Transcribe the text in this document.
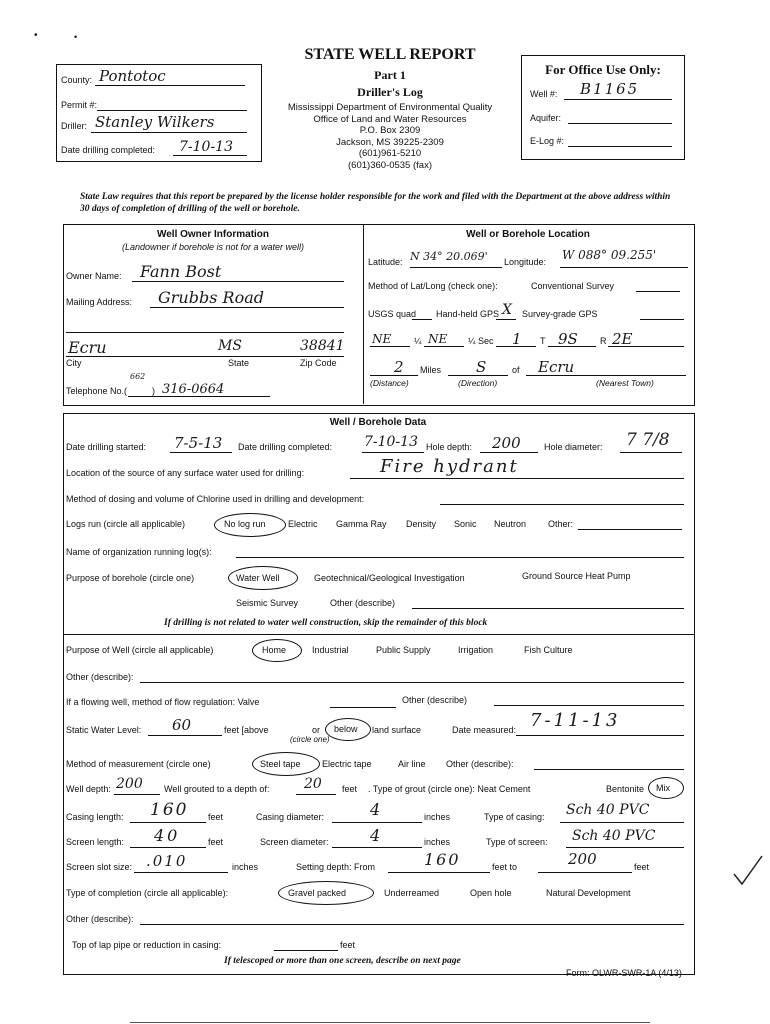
•	•
STATE WELL REPORT
Part 1
Driller's Log
Mississippi Department of Environmental Quality
Office of Land and Water Resources
P.O. Box 2309
Jackson, MS 39225-2309
(601)961-5210
(601)360-0535 (fax)
County: Pontotoc
Permit #:
Driller: Stanley Wilkers
Date drilling completed: 7-10-13
For Office Use Only:
Well #: B1165
Aquifer:
E-Log #:
State Law requires that this report be prepared by the license holder responsible for the work and filed with the Department at the above address within 30 days of completion of drilling of the well or borehole.
Well Owner Information
(Landowner if borehole is not for a water well)
Owner Name: Fann Bost
Mailing Address: Grubbs Road
Ecru	MS	38841
City	State	Zip Code
Telephone No. (
662
) 316-0664
Well or Borehole Location
Latitude: N 34° 20.069' Longitude: W 088° 09.255'
Method of Lat/Long (check one):	Conventional Survey
USGS quad Hand-held GPS X Survey-grade GPS
NE	¼ NE ¼ Sec 1 T 9S R 2E
2 Miles S	of Ecru
(Distance)	(Direction)	(Nearest Town)
Well / Borehole Data
Date drilling started: 7-5-13 Date drilling completed: 7-10-13 Hole depth: 200	Hole diameter: 7 7/8
Location of the source of any surface water used for drilling:	Fire hydrant
Method of dosing and volume of Chlorine used in drilling and development:
Logs run (circle all applicable)	No log run Electric Gamma Ray Density Sonic Neutron Other:
Name of organization running log(s):
Purpose of borehole (circle one)	Water Well	Geotechnical/Geological Investigation	Ground Source Heat Pump
Seismic Survey	Other (describe)
If drilling is not related to water well construction, skip the remainder of this block
Purpose of Well (circle all applicable)	Home	Industrial	Public Supply	Irrigation	Fish Culture
Other (describe):
If a flowing well, method of flow regulation: Valve	Other (describe)
Static Water Level: 60	feet [above	or below land surface
(circle one)
Date measured: 7-11-13
Method of measurement (circle one)	Steel tape Electric tape	Air line Other (describe):
Well depth: 200 Well grouted to a depth of: 20 feet . Type of grout (circle one): Neat Cement	Bentonite Mix
Casing length: 160 feet	Casing diameter:	4	inches	Type of casing: Sch 40 PVC
Screen length: 40	feet	Screen diameter:	4	inches	Type of screen: Sch 40 PVC
Screen slot size: .010	inches	Setting depth: From	160	feet to	200	feet
Type of completion (circle all applicable):	Gravel packed	Underreamed	Open hole	Natural Development
Other (describe):
Top of lap pipe or reduction in casing:	feet
If telescoped or more than one screen, describe on next page
Form: OLWR-SWR-1A (4/13)
